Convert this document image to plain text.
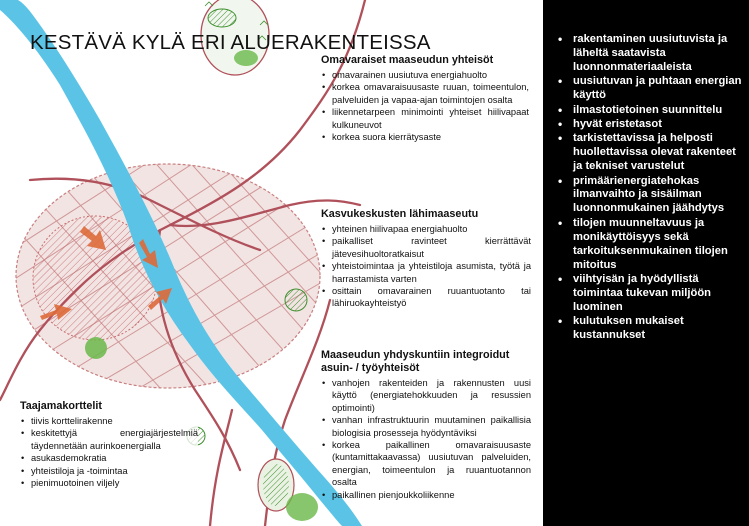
KESTÄVÄ KYLÄ ERI ALUERAKENTEISSA
Omavaraiset maaseudun yhteisöt
• omavarainen uusiutuva energiahuolto
• korkea omavaraisuusaste ruuan, toimeentulon, palveluiden ja vapaa-ajan toimintojen osalta
• liikennetarpeen minimointi yhteiset hiilivapaat kulkuneuvot
• korkea suora kierrätysaste
Kasvukeskusten lähimaaseutu
• yhteinen hiilivapaa energiahuolto
• paikalliset ravinteet kierrättävät jätevesihuoltoratkaisut
• yhteistoimintaa ja yhteistiloja asumista, työtä ja harrastamista varten
• osittain omavarainen ruuantuotanto tai lähiruokayhteistyö
Maaseudun yhdyskuntiin integroidut asuin- / työyhteisöt
• vanhojen rakenteiden ja rakennusten uusi käyttö (energiatehokkuuden ja resussien optimointi)
• vanhan infrastruktuurin muutaminen paikallisia biologisia prosesseja hyödyntäviksi
• korkea paikallinen omavaraisuusaste (kuntamittakaavassa) uusiutuvan palveluiden, energian, toimeentulon ja ruuantuotannon osalta
• paikallinen pienjoukkoliikenne
Taajamakorttelit
• tiivis korttelirakenne
• keskitettyjä energiajärjestelmiä täydennetään aurinkoenergialla
• asukasdemokratia
• yhteistiloja ja -toimintaa
• pienimuotoinen viljely
• rakentaminen uusiutuvista ja läheltä saatavista luonnonmateriaaleista
• uusiutuvan ja puhtaan energian käyttö
• ilmastotietoinen suunnittelu
• hyvät eristetasot
• tarkistettavissa ja helposti huollettavissa olevat rakenteet ja tekniset varustelut
• primäärienergiatehokas ilmanvaihto ja sisäilman luonnonmukainen jäähdytys
• tilojen muunneltavuus ja monikäyttöisyys sekä tarkoituksenmukainen tilojen mitoitus
• viihtyisän ja hyödyllistä toimintaa tukevan miljöön luominen
• kulutuksen mukaiset kustannukset
